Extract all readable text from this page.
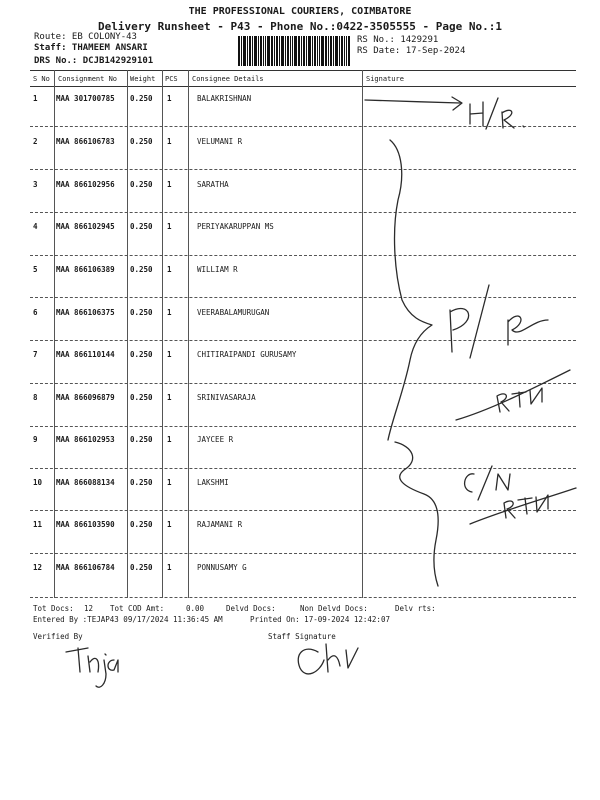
THE PROFESSIONAL COURIERS, COIMBATORE
Delivery Runsheet - P43 - Phone No.:0422-3505555 - Page No.:1
Route: EB COLONY-43
Staff: THAMEEM ANSARI
DRS No.: DCJB142929101
RS No.: 1429291
RS Date: 17-Sep-2024
S No Consignment No Weight PCS Consignee Details	Signature
1 MAA 301700785 0.250 1	BALAKRISHNAN
2 MAA 866106783 0.250 1	VELUMANI R
3 MAA 866102956 0.250 1	SARATHA
4 MAA 866102945 0.250 1	PERIYAKARUPPAN MS
5 MAA 866106389 0.250 1	WILLIAM R
6 MAA 866106375 0.250 1	VEERABALAMURUGAN
7 MAA 866110144 0.250 1	CHITIRAIPANDI GURUSAMY
8 MAA 866096879 0.250 1	SRINIVASARAJA
9 MAA 866102953 0.250 1	JAYCEE R
10 MAA 866088134 0.250 1	LAKSHMI
11 MAA 866103590 0.250 1	RAJAMANI R
12 MAA 866106784 0.250 1	PONNUSAMY G
Tot Docs: 12 Tot COD Amt:	0.00	Delvd Docs:	Non Delvd Docs:	Delv rts:
Entered By :TEJAP43 09/17/2024 11:36:45 AM	Printed On: 17-09-2024 12:42:07
Verified By	Staff Signature
